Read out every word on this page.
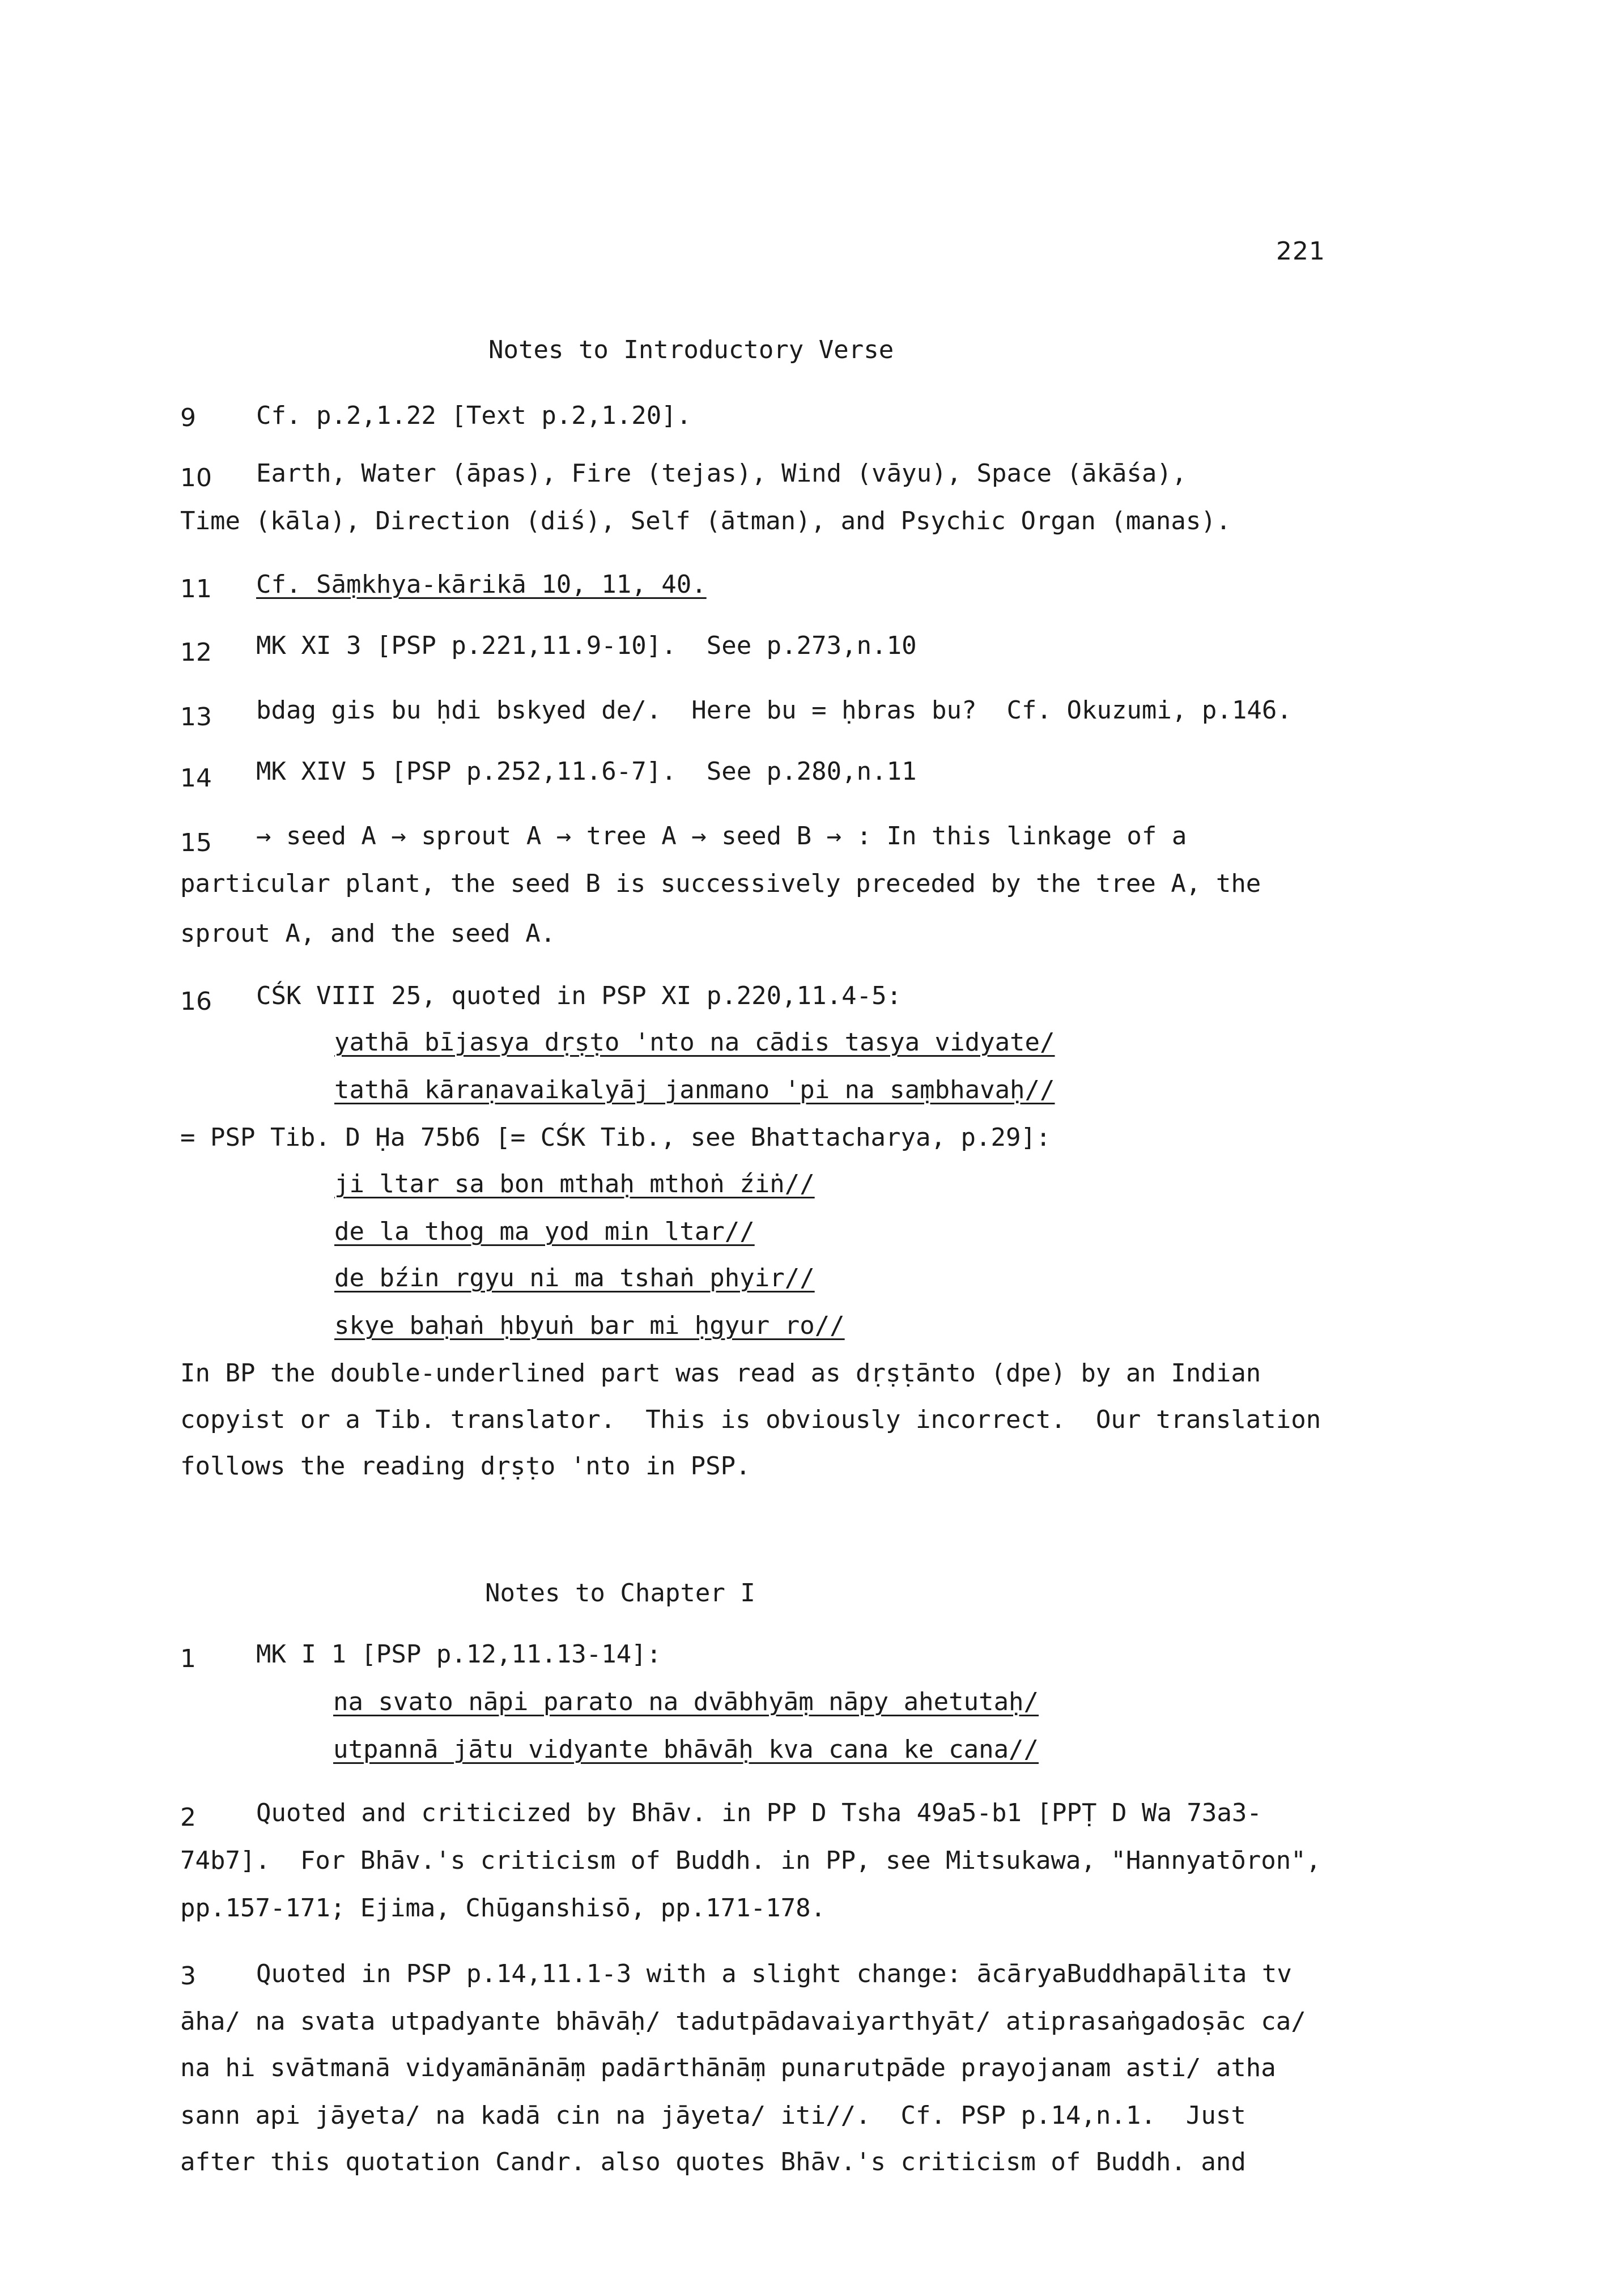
221
Notes to Introductory Verse
9 Cf. p.2,1.22 [Text p.2,1.20].
10 Earth, Water (āpas), Fire (tejas), Wind (vāyu), Space (ākāśa),
Time (kāla), Direction (diś), Self (ātman), and Psychic Organ (manas).
11 Cf. Sāṃkhya-kārikā 10, 11, 40.
12 MK XI 3 [PSP p.221,11.9-10].  See p.273,n.10
13 bdag gis bu ḥdi bskyed de/.  Here bu = ḥbras bu?  Cf. Okuzumi, p.146.
14 MK XIV 5 [PSP p.252,11.6-7].  See p.280,n.11
15 → seed A → sprout A → tree A → seed B → : In this linkage of a
particular plant, the seed B is successively preceded by the tree A, the
sprout A, and the seed A.
16 CŚK VIII 25, quoted in PSP XI p.220,11.4-5:
yathā bījasya dṛṣṭo 'nto na cādis tasya vidyate/
tathā kāraṇavaikalyāj janmano 'pi na saṃbhavaḥ//
= PSP Tib. D Ḥa 75b6 [= CŚK Tib., see Bhattacharya, p.29]:
ji ltar sa bon mthaḥ mthoṅ źiṅ//
de la thog ma yod min ltar//
de bźin rgyu ni ma tshaṅ phyir//
skye baḥaṅ ḥbyuṅ bar mi ḥgyur ro//
In BP the double-underlined part was read as dṛṣṭānto (dpe) by an Indian
copyist or a Tib. translator.  This is obviously incorrect.  Our translation
follows the reading dṛṣṭo 'nto in PSP.
Notes to Chapter I
1 MK I 1 [PSP p.12,11.13-14]:
na svato nāpi parato na dvābhyāṃ nāpy ahetutaḥ/
utpannā jātu vidyante bhāvāḥ kva cana ke cana//
2 Quoted and criticized by Bhāv. in PP D Tsha 49a5-b1 [PPṬ D Wa 73a3-
74b7].  For Bhāv.'s criticism of Buddh. in PP, see Mitsukawa, "Hannyatōron",
pp.157-171; Ejima, Chūganshisō, pp.171-178.
3 Quoted in PSP p.14,11.1-3 with a slight change: ācāryaBuddhapālita tv
āha/ na svata utpadyante bhāvāḥ/ tadutpādavaiyarthyāt/ atiprasaṅgadoṣāc ca/
na hi svātmanā vidyamānānāṃ padārthānāṃ punarutpāde prayojanam asti/ atha
sann api jāyeta/ na kadā cin na jāyeta/ iti//.  Cf. PSP p.14,n.1.  Just
after this quotation Candr. also quotes Bhāv.'s criticism of Buddh. and
